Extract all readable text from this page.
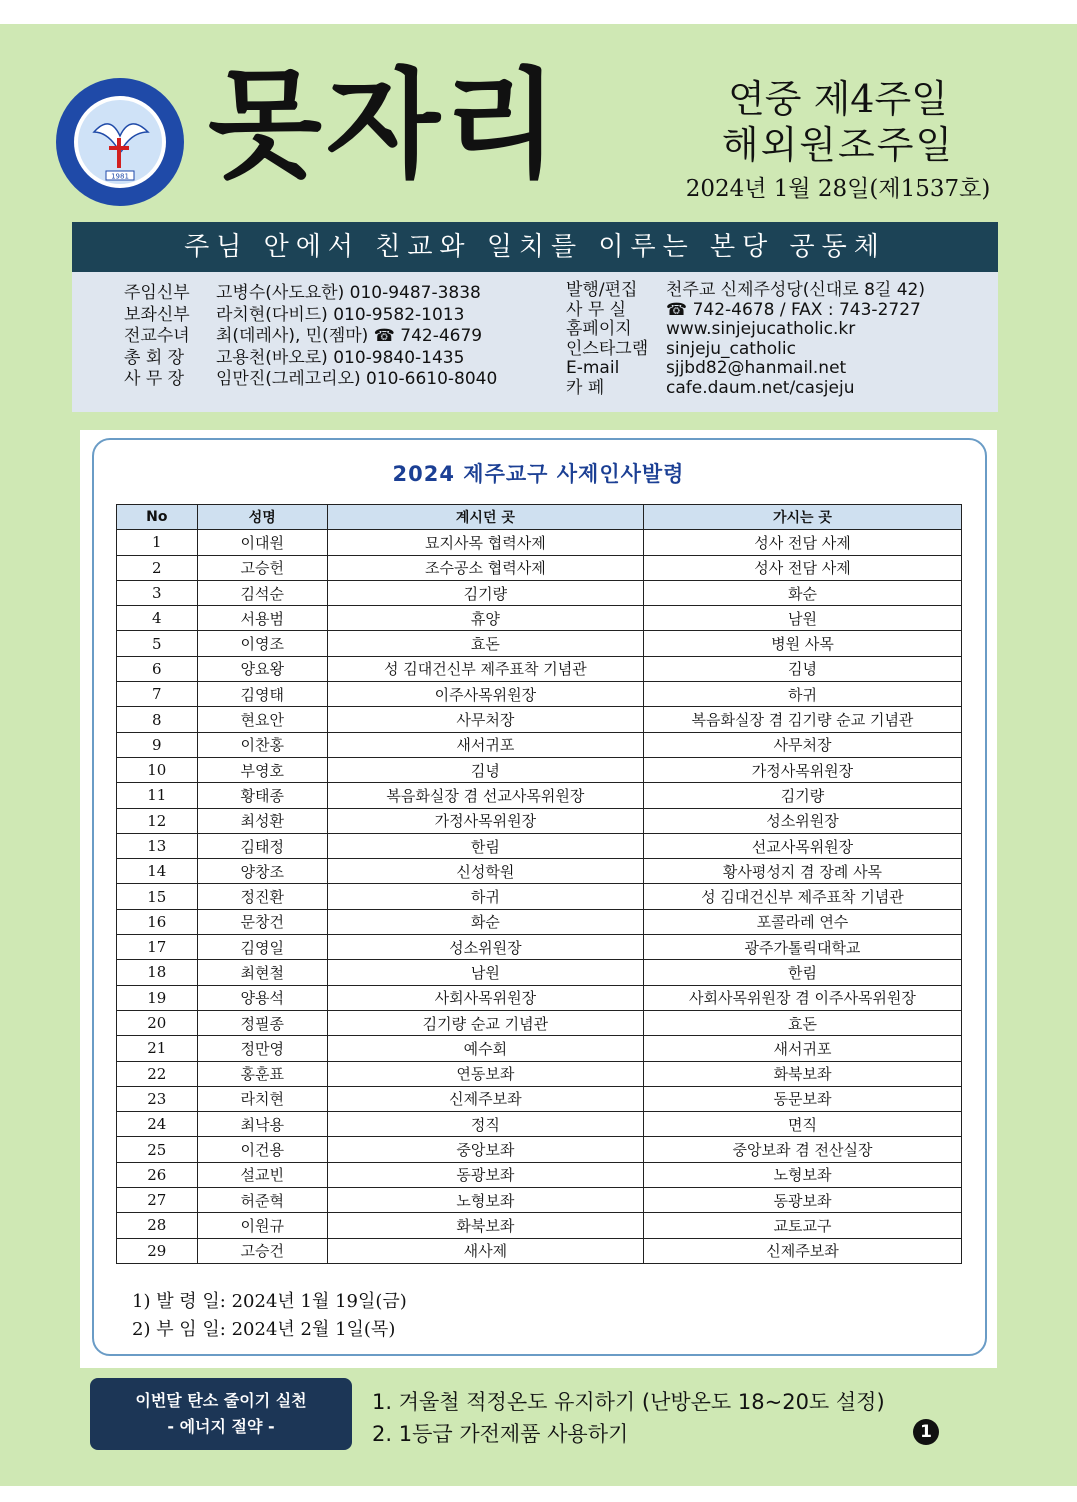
1981 못자리	연중 제4주일
해외원조주일
2024년 1월 28일(제1537호)
주님 안에서 친교와 일치를 이루는 본당 공동체
주임신부 고병수(사도요한) 010-9487-3838
보좌신부 라치현(다비드) 010-9582-1013
전교수녀 최(데레사), 민(젬마) ☎ 742-4679
총 회 장 고용천(바오로) 010-9840-1435
사 무 장 임만진(그레고리오) 010-6610-8040
발행/편집 천주교 신제주성당(신대로 8길 42)
사 무 실 ☎ 742-4678 / FAX : 743-2727
홈페이지 www.sinjejucatholic.kr
인스타그램 sinjeju_catholic
E-mail	sjjbd82@hanmail.net
카 페	cafe.daum.net/casjeju
2024 제주교구 사제인사발령
No	성명	계시던 곳	가시는 곳
1	이대원	묘지사목 협력사제	성사 전담 사제
2	고승헌	조수공소 협력사제	성사 전담 사제
3	김석순	김기량	화순
4	서용범	휴양	남원
5	이영조	효돈	병원 사목
6	양요왕	성 김대건신부 제주표착 기념관	김녕
7	김영태	이주사목위원장	하귀
8	현요안	사무처장	복음화실장 겸 김기량 순교 기념관
9	이찬홍	새서귀포	사무처장
10	부영호	김녕	가정사목위원장
11	황태종	복음화실장 겸 선교사목위원장	김기량
12	최성환	가정사목위원장	성소위원장
13	김태정	한림	선교사목위원장
14	양창조	신성학원	황사평성지 겸 장례 사목
15	정진환	하귀	성 김대건신부 제주표착 기념관
16	문창건	화순	포콜라레 연수
17	김영일	성소위원장	광주가톨릭대학교
18	최현철	남원	한림
19	양용석	사회사목위원장	사회사목위원장 겸 이주사목위원장
20	정필종	김기량 순교 기념관	효돈
21	정만영	예수회	새서귀포
22	홍훈표	연동보좌	화북보좌
23	라치현	신제주보좌	동문보좌
24	최낙용	정직	면직
25	이건용	중앙보좌	중앙보좌 겸 전산실장
26	설교빈	동광보좌	노형보좌
27	허준혁	노형보좌	동광보좌
28	이원규	화북보좌	교토교구
29	고승건	새사제	신제주보좌
1) 발 령 일: 2024년 1월 19일(금)
2) 부 임 일: 2024년 2월 1일(목)
이번달 탄소 줄이기 실천
- 에너지 절약 -
1. 겨울철 적정온도 유지하기 (난방온도 18~20도 설정)
2. 1등급 가전제품 사용하기	1
